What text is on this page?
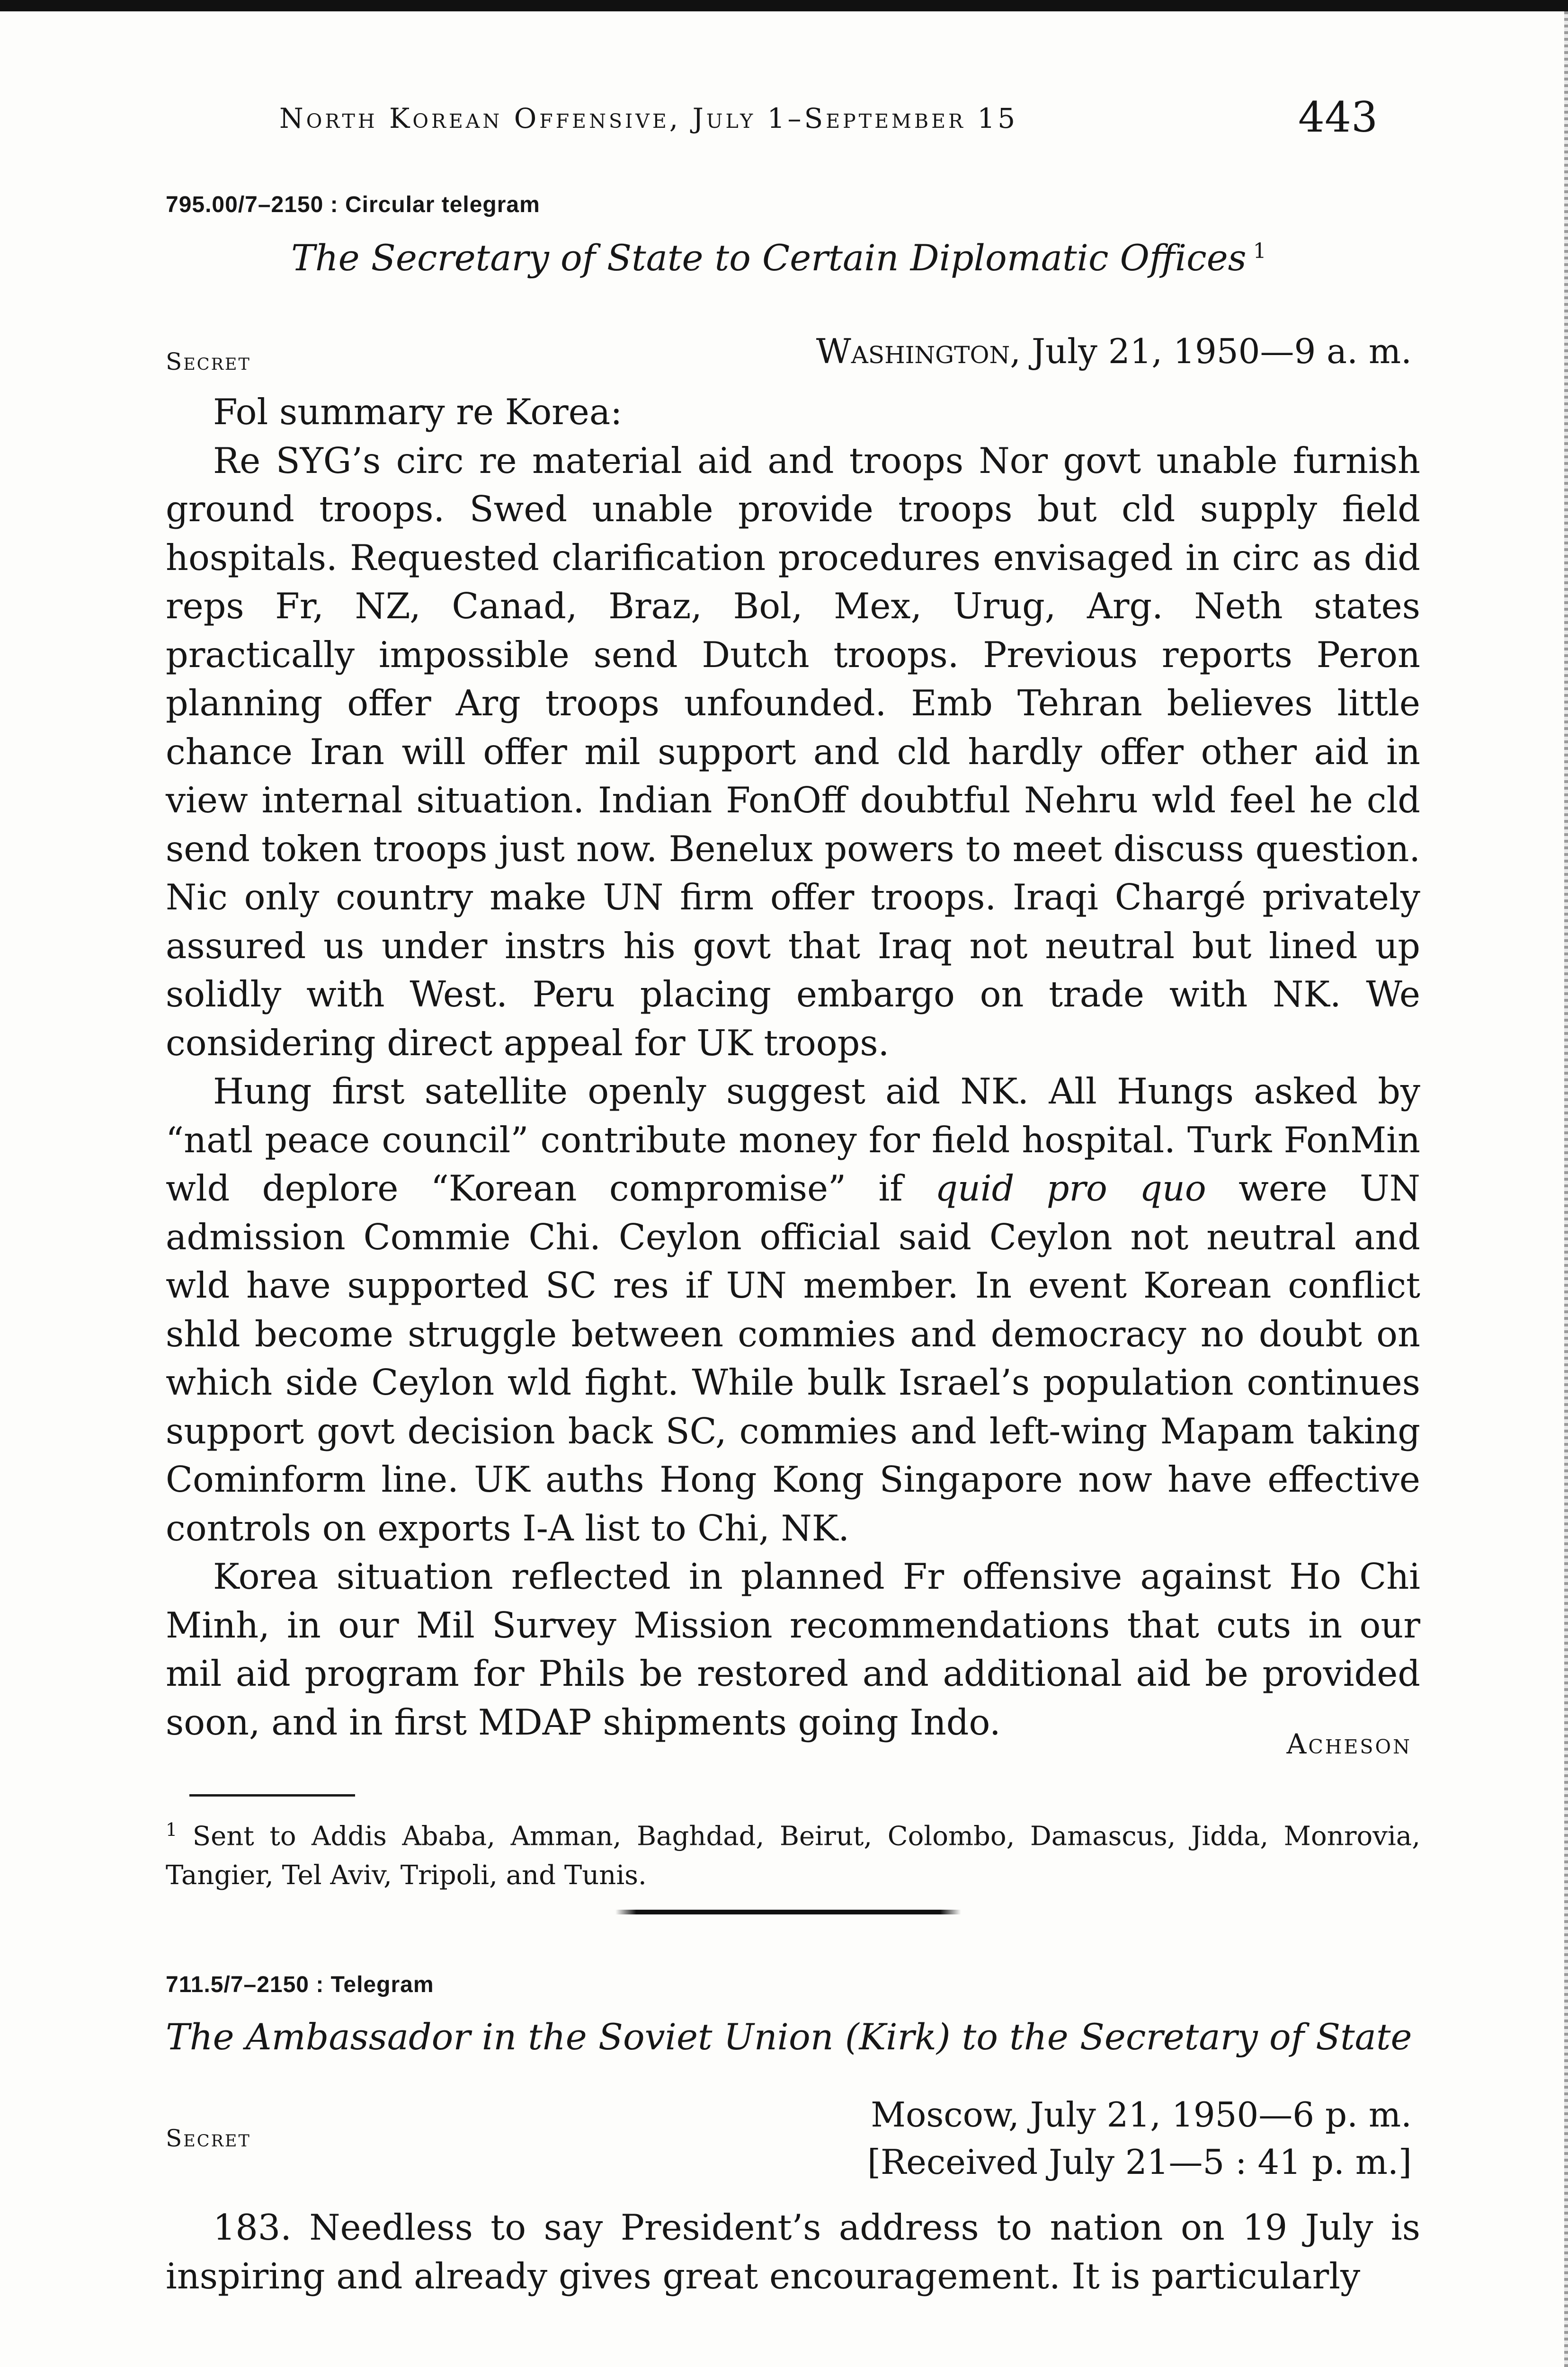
North Korean Offensive, July 1–September 15	443
795.00/7–2150 : Circular telegram
The Secretary of State to Certain Diplomatic Offices $^1$
Secret	Washington, July 21, 1950—9 a. m.

Fol summary re Korea:

Re SYG’s circ re material aid and troops Nor govt unable furnish ground troops. Swed unable provide troops but cld supply field hospitals. Requested clarification procedures envisaged in circ as did reps Fr, NZ, Canad, Braz, Bol, Mex, Urug, Arg. Neth states practically impossible send Dutch troops. Previous reports Peron planning offer Arg troops unfounded. Emb Tehran believes little chance Iran will offer mil support and cld hardly offer other aid in view internal situation. Indian FonOff doubtful Nehru wld feel he cld send token troops just now. Benelux powers to meet discuss question. Nic only country make UN firm offer troops. Iraqi Chargé privately assured us under instrs his govt that Iraq not neutral but lined up solidly with West. Peru placing embargo on trade with NK. We considering direct appeal for UK troops.

Hung first satellite openly suggest aid NK. All Hungs asked by “natl peace council” contribute money for field hospital. Turk FonMin wld deplore “Korean compromise” if quid pro quo were UN admission Commie Chi. Ceylon official said Ceylon not neutral and wld have supported SC res if UN member. In event Korean conflict shld become struggle between commies and democracy no doubt on which side Ceylon wld fight. While bulk Israel’s population continues support govt decision back SC, commies and left-wing Mapam taking Cominform line. UK auths Hong Kong Singapore now have effective controls on exports I-A list to Chi, NK.

Korea situation reflected in planned Fr offensive against Ho Chi Minh, in our Mil Survey Mission recommendations that cuts in our mil aid program for Phils be restored and additional aid be provided soon, and in first MDAP shipments going Indo.

Acheson
$^1$ Sent to Addis Ababa, Amman, Baghdad, Beirut, Colombo, Damascus, Jidda, Monrovia, Tangier, Tel Aviv, Tripoli, and Tunis.
711.5/7–2150 : Telegram
The Ambassador in the Soviet Union (Kirk) to the Secretary of State
Secret
Moscow, July 21, 1950—6 p. m.
[Received July 21—5 : 41 p. m.]

183. Needless to say President’s address to nation on 19 July is inspiring and already gives great encouragement. It is particularly
